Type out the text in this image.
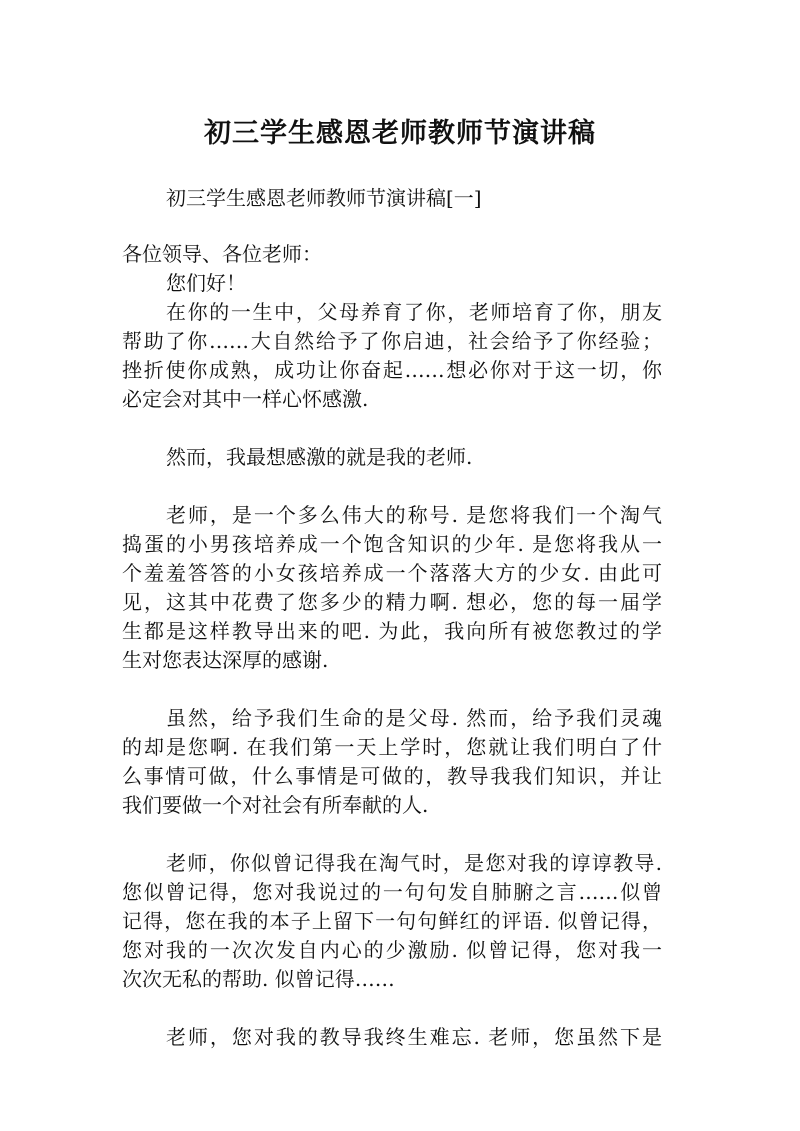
初三学生感恩老师教师节演讲稿
初三学生感恩老师教师节演讲稿[一]
各位领导、各位老师：
您们好！
在你的一生中，父母养育了你，老师培育了你，朋友
帮助了你……大自然给予了你启迪，社会给予了你经验；
挫折使你成熟，成功让你奋起……想必你对于这一切，你
必定会对其中一样心怀感激.
然而，我最想感激的就是我的老师.
老师，是一个多么伟大的称号. 是您将我们一个淘气
捣蛋的小男孩培养成一个饱含知识的少年. 是您将我从一
个羞羞答答的小女孩培养成一个落落大方的少女. 由此可
见，这其中花费了您多少的精力啊. 想必，您的每一届学
生都是这样教导出来的吧. 为此，我向所有被您教过的学
生对您表达深厚的感谢.
虽然，给予我们生命的是父母. 然而，给予我们灵魂
的却是您啊. 在我们第一天上学时，您就让我们明白了什
么事情可做，什么事情是可做的，教导我我们知识，并让
我们要做一个对社会有所奉献的人.
老师，你似曾记得我在淘气时，是您对我的谆谆教导.
您似曾记得，您对我说过的一句句发自肺腑之言……似曾
记得，您在我的本子上留下一句句鲜红的评语. 似曾记得，
您对我的一次次发自内心的少激励. 似曾记得，您对我一
次次无私的帮助. 似曾记得……
老师，您对我的教导我终生难忘. 老师，您虽然下是
